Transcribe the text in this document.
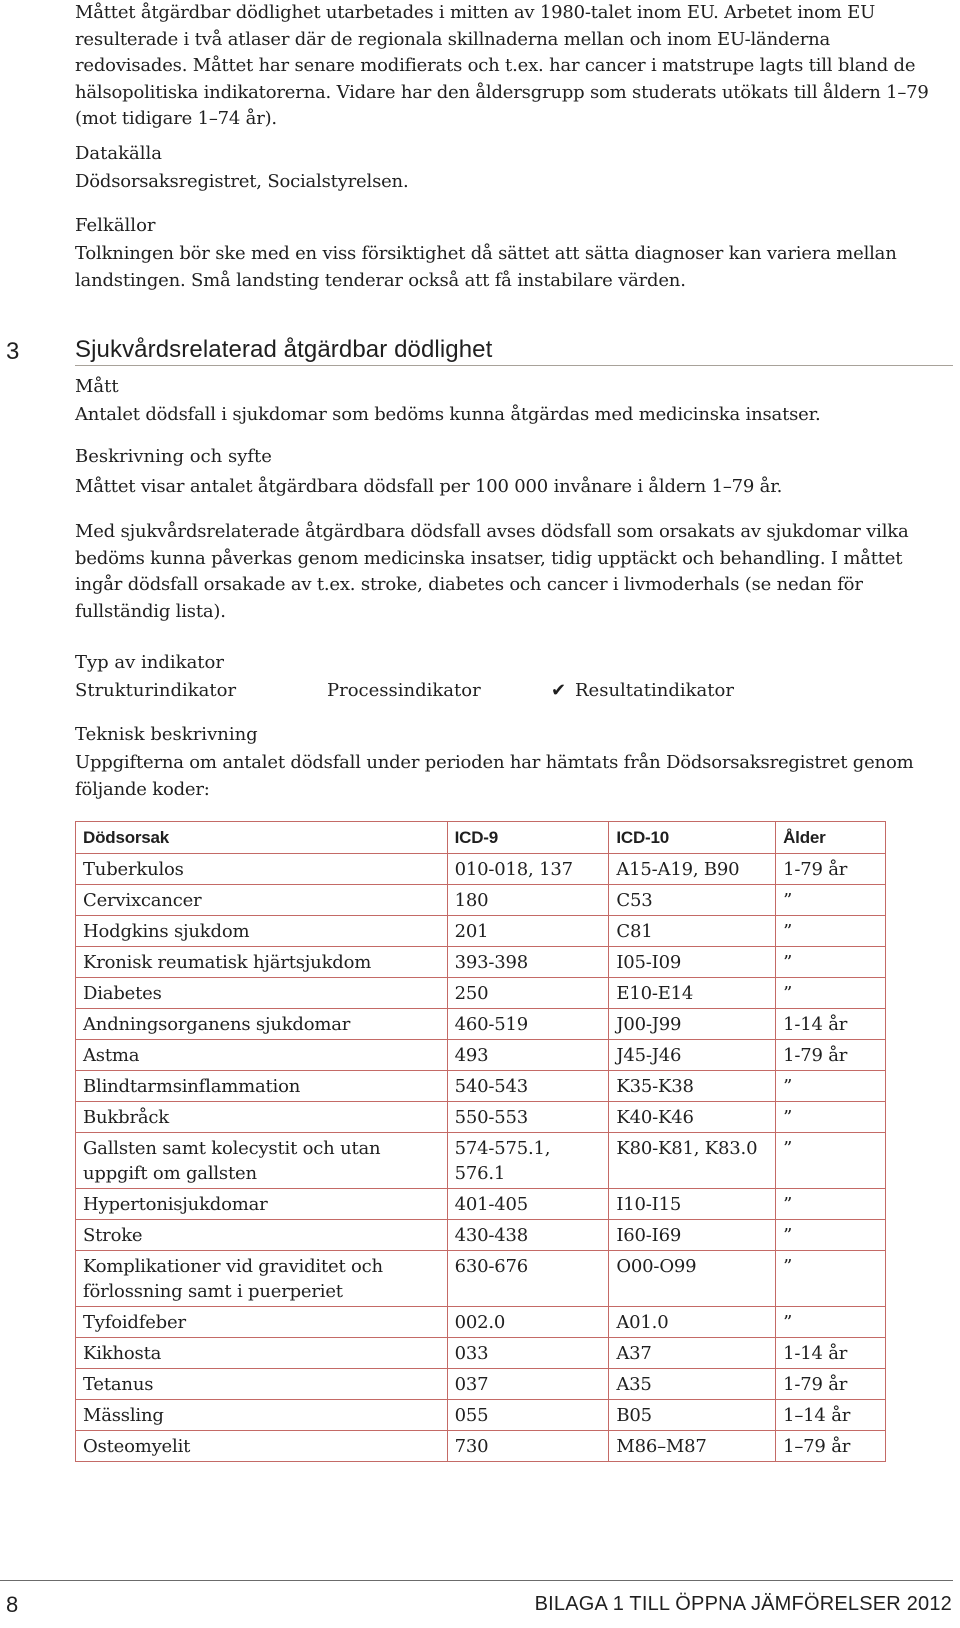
Måttet åtgärdbar dödlighet utarbetades i mitten av 1980-talet inom EU. Arbetet inom EU resulterade i två atlaser där de regionala skillnaderna mellan och inom EU-länderna redovisades. Måttet har senare modifierats och t.ex. har cancer i matstrupe lagts till bland de hälsopolitiska indikatorerna. Vidare har den åldersgrupp som studerats utökats till åldern 1–79 (mot tidigare 1–74 år).

Datakälla

Dödsorsaksregistret, Socialstyrelsen.

Felkällor

Tolkningen bör ske med en viss försiktighet då sättet att sätta diagnoser kan variera mellan landstingen. Små landsting tenderar också att få instabilare värden.

3 Sjukvårdsrelaterad åtgärdbar dödlighet
Mått

Antalet dödsfall i sjukdomar som bedöms kunna åtgärdas med medicinska insatser.

Beskrivning och syfte

Måttet visar antalet åtgärdbara dödsfall per 100 000 invånare i åldern 1–79 år.

Med sjukvårdsrelaterade åtgärdbara dödsfall avses dödsfall som orsakats av sjukdomar vilka bedöms kunna påverkas genom medicinska insatser, tidig upptäckt och behandling. I måttet ingår dödsfall orsakade av t.ex. stroke, diabetes och cancer i livmoderhals (se nedan för fullständig lista).

Typ av indikator
Strukturindikator	Processindikator	✔ Resultatindikator
Teknisk beskrivning

Uppgifterna om antalet dödsfall under perioden har hämtats från Dödsorsaksregistret genom följande koder:

Dödsorsak	ICD-9	ICD-10	Ålder
Tuberkulos	010-018, 137	A15-A19, B90	1-79 år
Cervixcancer	180	C53	”
Hodgkins sjukdom	201	C81	”
Kronisk reumatisk hjärtsjukdom	393-398	I05-I09	”
Diabetes	250	E10-E14	”
Andningsorganens sjukdomar	460-519	J00-J99	1-14 år
Astma	493	J45-J46	1-79 år
Blindtarmsinflammation	540-543	K35-K38	”
Bukbråck	550-553	K40-K46	”
Gallsten samt kolecystit och utan uppgift om gallsten	574-575.1, 576.1	K80-K81, K83.0	”
Hypertonisjukdomar	401-405	I10-I15	”
Stroke	430-438	I60-I69	”
Komplikationer vid graviditet och förlossning samt i puerperiet	630-676	O00-O99	”
Tyfoidfeber	002.0	A01.0	”
Kikhosta	033	A37	1-14 år
Tetanus	037	A35	1-79 år
Mässling	055	B05	1–14 år
Osteomyelit	730	M86–M87	1–79 år
8	BILAGA 1 TILL ÖPPNA JÄMFÖRELSER 2012
